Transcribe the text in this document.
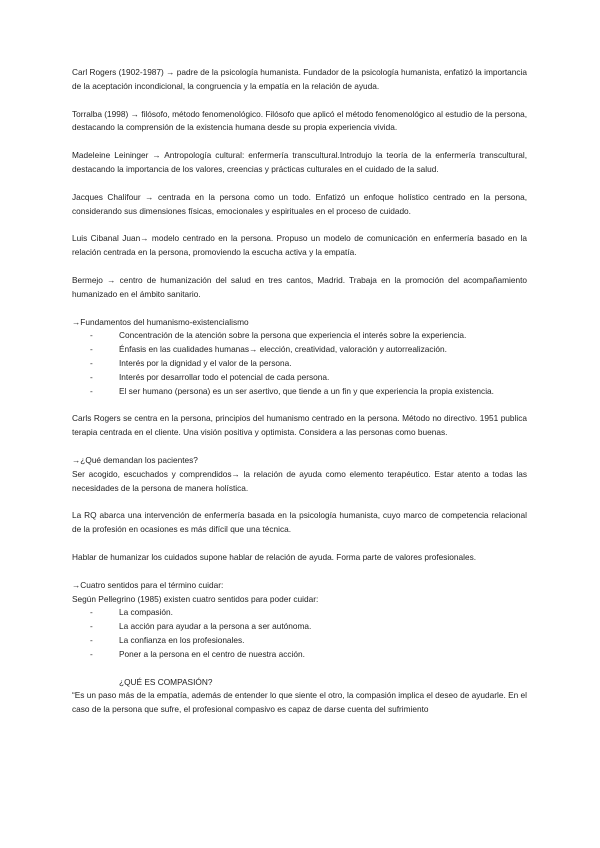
Carl Rogers (1902-1987) → padre de la psicología humanista. Fundador de la psicología humanista, enfatizó la importancia de la aceptación incondicional, la congruencia y la empatía en la relación de ayuda.

Torralba (1998) → filósofo, método fenomenológico. Filósofo que aplicó el método fenomenológico al estudio de la persona, destacando la comprensión de la existencia humana desde su propia experiencia vivida.

Madeleine Leininger → Antropología cultural: enfermería transcultural.Introdujo la teoría de la enfermería transcultural, destacando la importancia de los valores, creencias y prácticas culturales en el cuidado de la salud.

Jacques Chalifour → centrada en la persona como un todo. Enfatizó un enfoque holístico centrado en la persona, considerando sus dimensiones físicas, emocionales y espirituales en el proceso de cuidado.

Luis Cibanal Juan→ modelo centrado en la persona. Propuso un modelo de comunicación en enfermería basado en la relación centrada en la persona, promoviendo la escucha activa y la empatía.

Bermejo → centro de humanización del salud en tres cantos, Madrid. Trabaja en la promoción del acompañamiento humanizado en el ámbito sanitario.

→Fundamentos del humanismo-existencialismo

-	Concentración de la atención sobre la persona que experiencia el interés sobre la experiencia.
-	Énfasis en las cualidades humanas→ elección, creatividad, valoración y autorrealización.
-	Interés por la dignidad y el valor de la persona.
-	Interés por desarrollar todo el potencial de cada persona.
-	El ser humano (persona) es un ser asertivo, que tiende a un fin y que experiencia la propia existencia.

Carls Rogers se centra en la persona, principios del humanismo centrado en la persona. Método no directivo. 1951 publica terapia centrada en el cliente. Una visión positiva y optimista. Considera a las personas como buenas.

→¿Qué demandan los pacientes?

Ser acogido, escuchados y comprendidos→ la relación de ayuda como elemento terapéutico. Estar atento a todas las necesidades de la persona de manera holística.

La RQ abarca una intervención de enfermería basada en la psicología humanista, cuyo marco de competencia relacional de la profesión en ocasiones es más difícil que una técnica.

Hablar de humanizar los cuidados supone hablar de relación de ayuda. Forma parte de valores profesionales.

→Cuatro sentidos para el término cuidar:

Según Pellegrino (1985) existen cuatro sentidos para poder cuidar:

-	La compasión.
-	La acción para ayudar a la persona a ser autónoma.
-	La confianza en los profesionales.
-	Poner a la persona en el centro de nuestra acción.

¿QUÉ ES COMPASIÓN?

“Es un paso más de la empatía, además de entender lo que siente el otro, la compasión implica el deseo de ayudarle. En el caso de la persona que sufre, el profesional compasivo es capaz de darse cuenta del sufrimiento
